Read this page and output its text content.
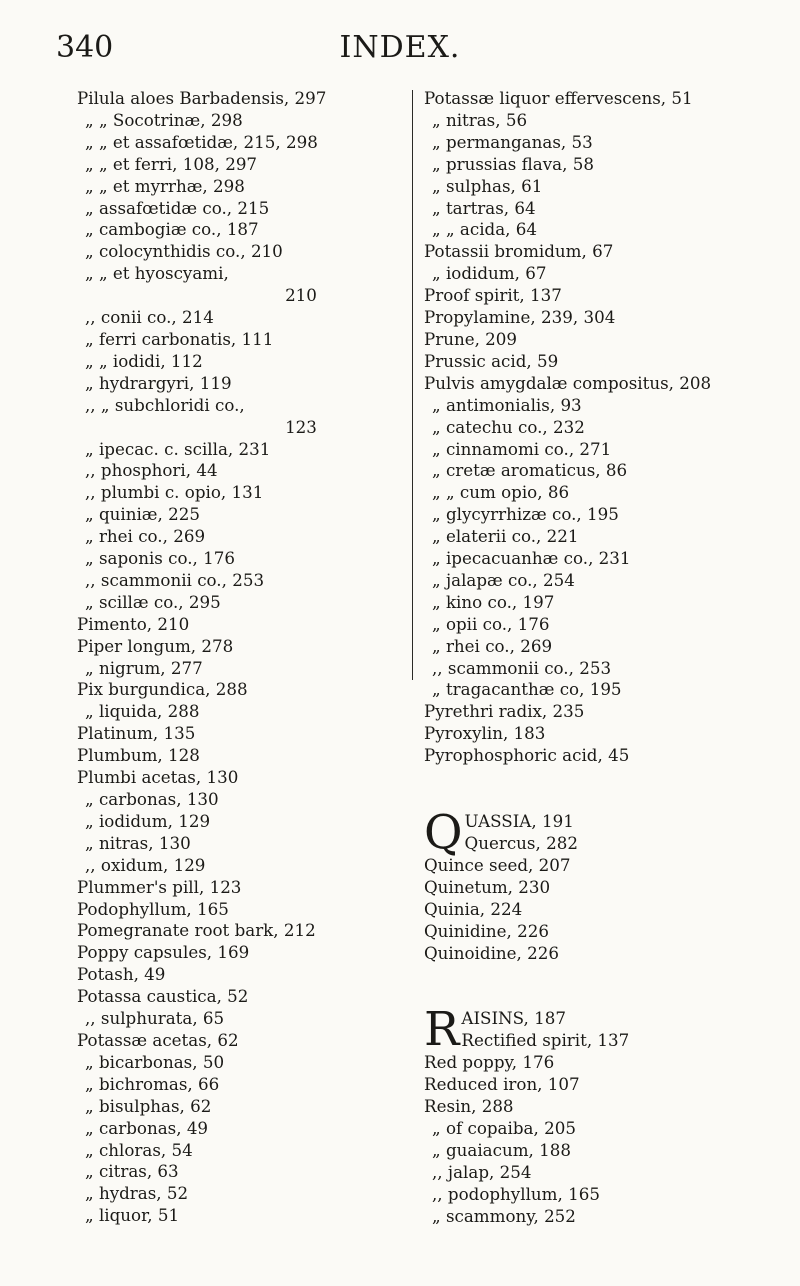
340	INDEX.
Pilula aloes Barbadensis, 297
„ „ Socotrinæ, 298
„ „ et assafœtidæ, 215, 298
„ „ et ferri, 108, 297
„ „ et myrrhæ, 298
„ assafœtidæ co., 215
„ cambogiæ co., 187
„ colocynthidis co., 210
„ „ et hyoscyami,
210
,, conii co., 214
„ ferri carbonatis, 111
„ „ iodidi, 112
„ hydrargyri, 119
,, „ subchloridi co.,
123
„ ipecac. c. scilla, 231
,, phosphori, 44
,, plumbi c. opio, 131
„ quiniæ, 225
„ rhei co., 269
„ saponis co., 176
,, scammonii co., 253
„ scillæ co., 295
Pimento, 210
Piper longum, 278
„ nigrum, 277
Pix burgundica, 288
„ liquida, 288
Platinum, 135
Plumbum, 128
Plumbi acetas, 130
„ carbonas, 130
„ iodidum, 129
„ nitras, 130
,, oxidum, 129
Plummer's pill, 123
Podophyllum, 165
Pomegranate root bark, 212
Poppy capsules, 169
Potash, 49
Potassa caustica, 52
,, sulphurata, 65
Potassæ acetas, 62
„ bicarbonas, 50
„ bichromas, 66
„ bisulphas, 62
„ carbonas, 49
„ chloras, 54
„ citras, 63
„ hydras, 52
„ liquor, 51
Potassæ liquor effervescens, 51
„ nitras, 56
„ permanganas, 53
„ prussias flava, 58
„ sulphas, 61
„ tartras, 64
„ „ acida, 64
Potassii bromidum, 67
„ iodidum, 67
Proof spirit, 137
Propylamine, 239, 304
Prune, 209
Prussic acid, 59
Pulvis amygdalæ compositus, 208
„ antimonialis, 93
„ catechu co., 232
„ cinnamomi co., 271
„ cretæ aromaticus, 86
„ „ cum opio, 86
„ glycyrrhizæ co., 195
„ elaterii co., 221
„ ipecacuanhæ co., 231
„ jalapæ co., 254
„ kino co., 197
„ opii co., 176
„ rhei co., 269
,, scammonii co., 253
„ tragacanthæ co, 195
Pyrethri radix, 235
Pyroxylin, 183
Pyrophosphoric acid, 45
Q UASSIA, 191
Quercus, 282
Quince seed, 207
Quinetum, 230
Quinia, 224
Quinidine, 226
Quinoidine, 226
R AISINS, 187
Rectified spirit, 137
Red poppy, 176
Reduced iron, 107
Resin, 288
„ of copaiba, 205
„ guaiacum, 188
,, jalap, 254
,, podophyllum, 165
„ scammony, 252
